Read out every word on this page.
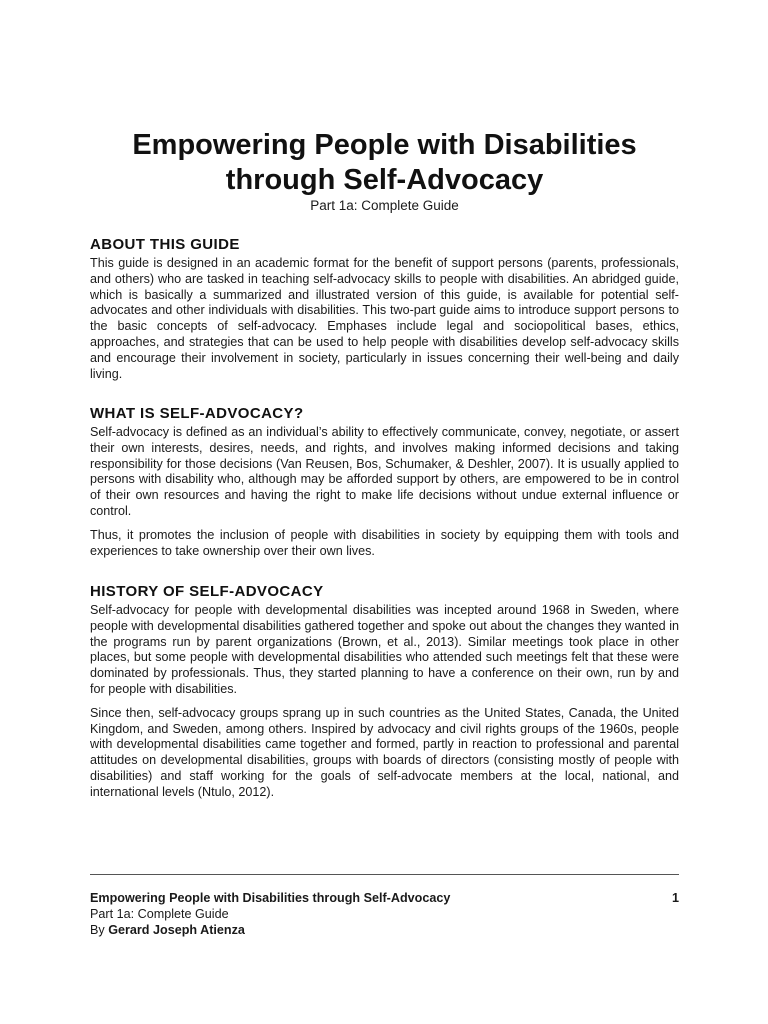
Empowering People with Disabilities
through Self-Advocacy

Part 1a: Complete Guide

ABOUT THIS GUIDE

This guide is designed in an academic format for the benefit of support persons (parents, professionals, and others) who are tasked in teaching self-advocacy skills to people with disabilities. An abridged guide, which is basically a summarized and illustrated version of this guide, is available for potential self-advocates and other individuals with disabilities. This two-part guide aims to introduce support persons to the basic concepts of self-advocacy. Emphases include legal and sociopolitical bases, ethics, approaches, and strategies that can be used to help people with disabilities develop self-advocacy skills and encourage their involvement in society, particularly in issues concerning their well-being and daily living.

WHAT IS SELF-ADVOCACY?

Self-advocacy is defined as an individual’s ability to effectively communicate, convey, negotiate, or assert their own interests, desires, needs, and rights, and involves making informed decisions and taking responsibility for those decisions (Van Reusen, Bos, Schumaker, & Deshler, 2007). It is usually applied to persons with disability who, although may be afforded support by others, are empowered to be in control of their own resources and having the right to make life decisions without undue external influence or control.

Thus, it promotes the inclusion of people with disabilities in society by equipping them with tools and experiences to take ownership over their own lives.

HISTORY OF SELF-ADVOCACY

Self-advocacy for people with developmental disabilities was incepted around 1968 in Sweden, where people with developmental disabilities gathered together and spoke out about the changes they wanted in the programs run by parent organizations (Brown, et al., 2013). Similar meetings took place in other places, but some people with developmental disabilities who attended such meetings felt that these were dominated by professionals. Thus, they started planning to have a conference on their own, run by and for people with disabilities.

Since then, self-advocacy groups sprang up in such countries as the United States, Canada, the United Kingdom, and Sweden, among others. Inspired by advocacy and civil rights groups of the 1960s, people with developmental disabilities came together and formed, partly in reaction to professional and parental attitudes on developmental disabilities, groups with boards of directors (consisting mostly of people with disabilities) and staff working for the goals of self-advocate members at the local, national, and international levels (Ntulo, 2012).

Empowering People with Disabilities through Self-Advocacy	1
Part 1a: Complete Guide
By Gerard Joseph Atienza
